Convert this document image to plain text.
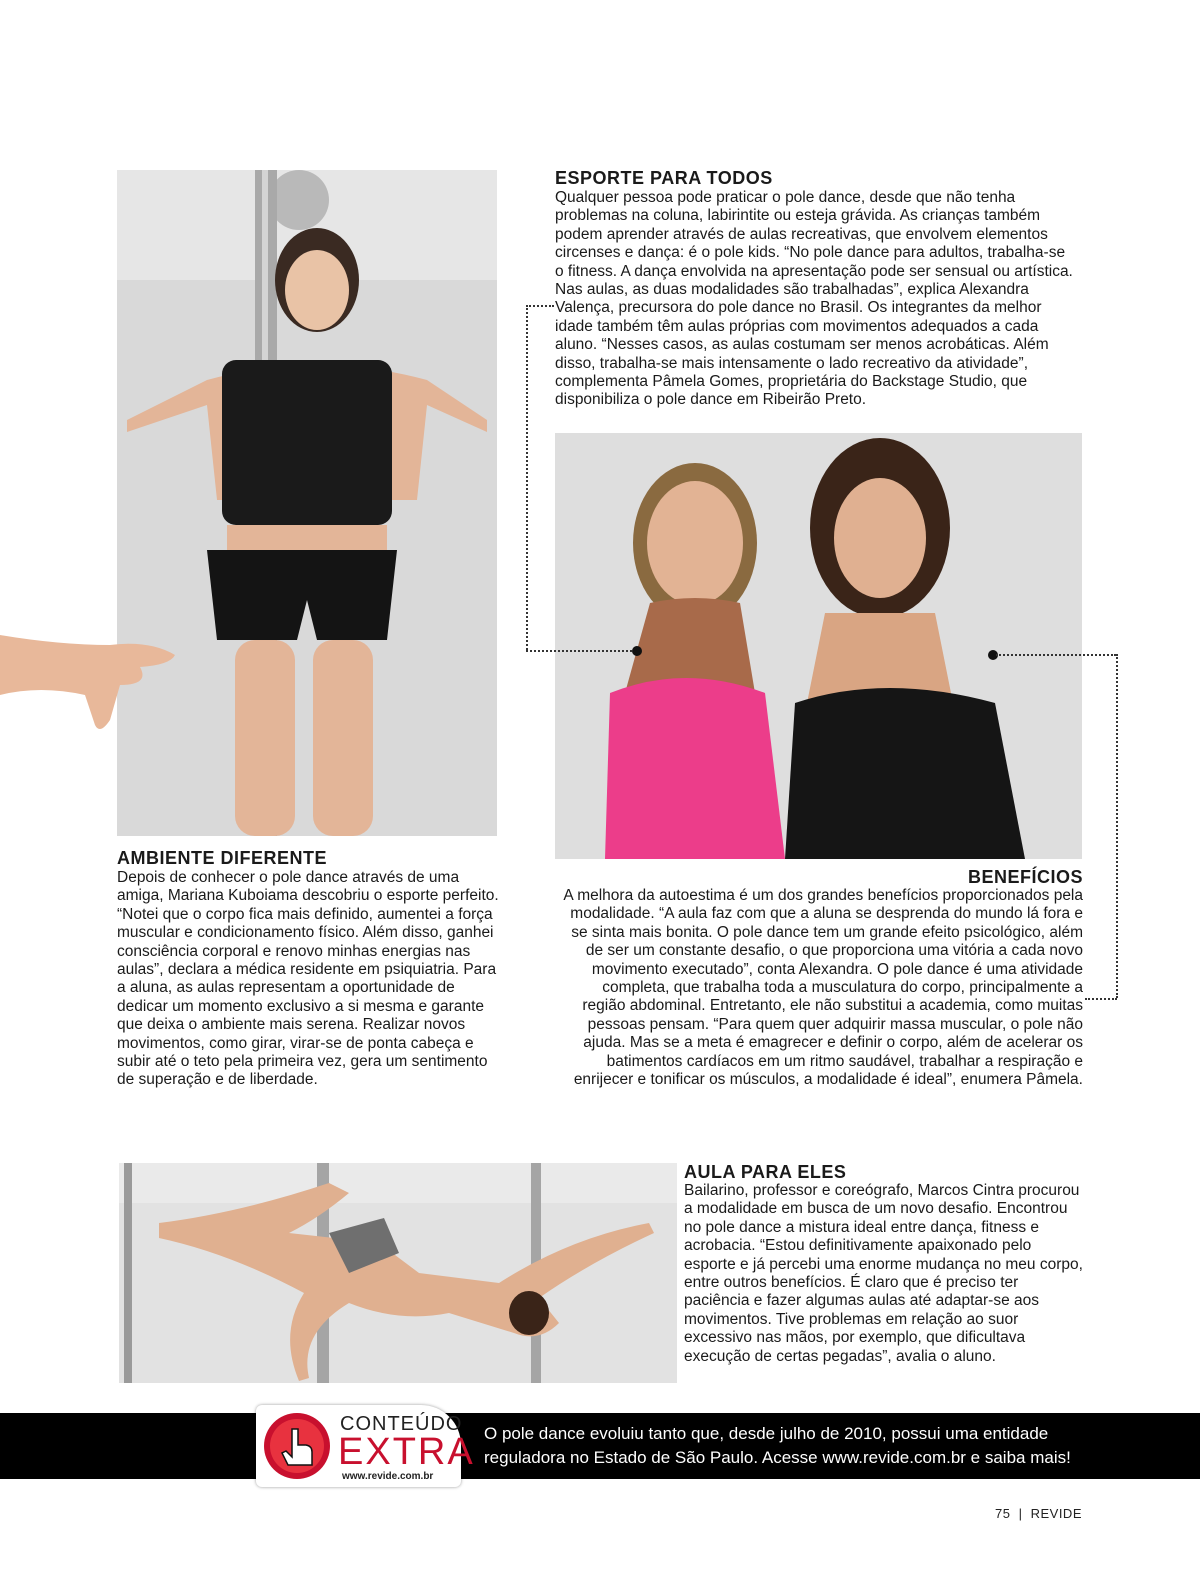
ESPORTE PARA TODOS

Qualquer pessoa pode praticar o pole dance, desde que não tenha problemas na coluna, labirintite ou esteja grávida. As crianças também podem aprender através de aulas recreativas, que envolvem elementos circenses e dança: é o pole kids. “No pole dance para adultos, trabalha-se o fitness. A dança envolvida na apresentação pode ser sensual ou artística. Nas aulas, as duas modalidades são trabalhadas”, explica Alexandra Valença, precursora do pole dance no Brasil. Os integrantes da melhor idade também têm aulas próprias com movimentos adequados a cada aluno. “Nesses casos, as aulas costumam ser menos acrobáticas. Além disso, trabalha-se mais intensamente o lado recreativo da atividade”, complementa Pâmela Gomes, proprietária do Backstage Studio, que disponibiliza o pole dance em Ribeirão Preto.

AMBIENTE DIFERENTE

Depois de conhecer o pole dance através de uma amiga, Mariana Kuboiama descobriu o esporte perfeito. “Notei que o corpo fica mais definido, aumentei a força muscular e condicionamento físico. Além disso, ganhei consciência corporal e renovo minhas energias nas aulas”, declara a médica residente em psiquiatria. Para a aluna, as aulas representam a oportunidade de dedicar um momento exclusivo a si mesma e garante que deixa o ambiente mais serena. Realizar novos movimentos, como girar, virar-se de ponta cabeça e subir até o teto pela primeira vez, gera um sentimento de superação e de liberdade.

BENEFÍCIOS

A melhora da autoestima é um dos grandes benefícios proporcionados pela modalidade. “A aula faz com que a aluna se desprenda do mundo lá fora e se sinta mais bonita. O pole dance tem um grande efeito psicológico, além de ser um constante desafio, o que proporciona uma vitória a cada novo movimento executado”, conta Alexandra. O pole dance é uma atividade completa, que trabalha toda a musculatura do corpo, principalmente a região abdominal. Entretanto, ele não substitui a academia, como muitas pessoas pensam. “Para quem quer adquirir massa muscular, o pole não ajuda. Mas se a meta é emagrecer e definir o corpo, além de acelerar os batimentos cardíacos em um ritmo saudável, trabalhar a respiração e enrijecer e tonificar os músculos, a modalidade é ideal”, enumera Pâmela.

AULA PARA ELES

Bailarino, professor e coreógrafo, Marcos Cintra procurou a modalidade em busca de um novo desafio. Encontrou no pole dance a mistura ideal entre dança, fitness e acrobacia. “Estou definitivamente apaixonado pelo esporte e já percebi uma enorme mudança no meu corpo, entre outros benefícios. É claro que é preciso ter paciência e fazer algumas aulas até adaptar-se aos movimentos. Tive problemas em relação ao suor excessivo nas mãos, por exemplo, que dificultava execução de certas pegadas”, avalia o aluno.

O pole dance evoluiu tanto que, desde julho de 2010, possui uma entidade
reguladora no Estado de São Paulo. Acesse www.revide.com.br e saiba mais!
CONTEÚDO
EXTRA
www.revide.com.br
75 | REVIDE
